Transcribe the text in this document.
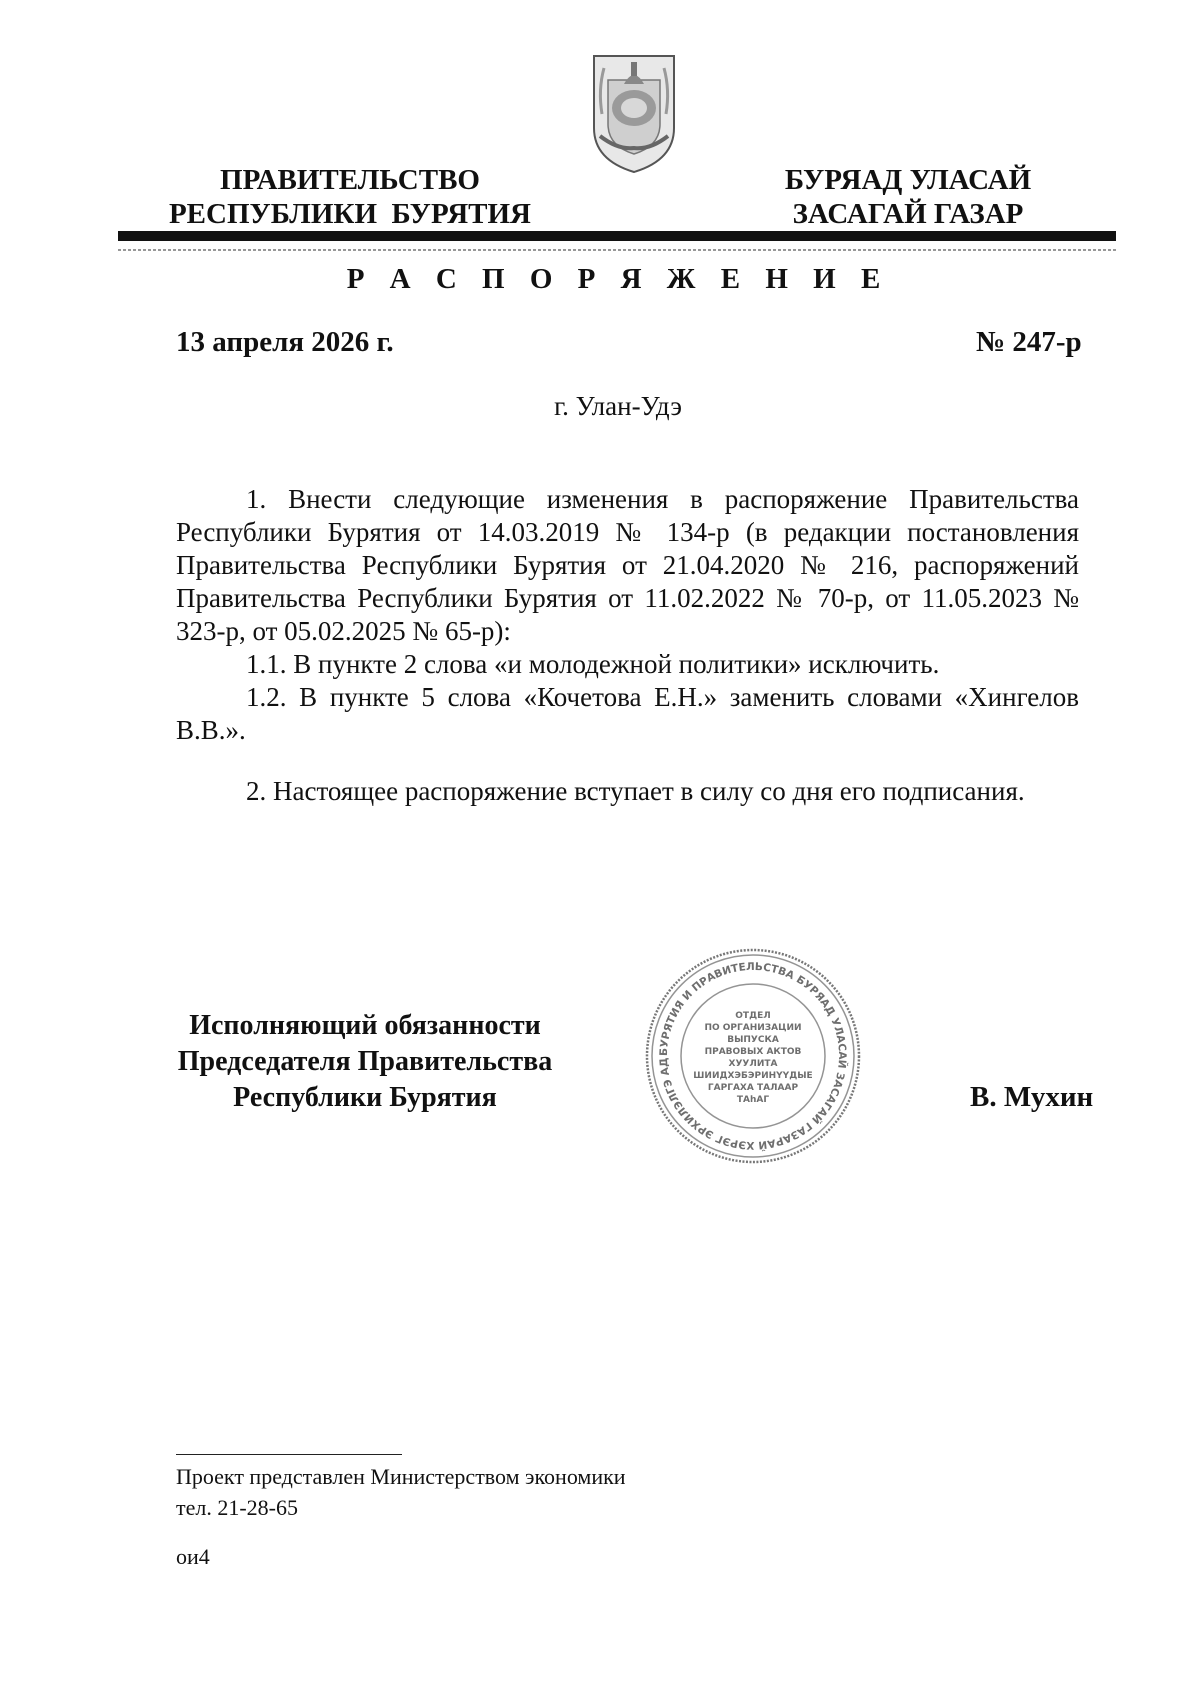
ПРАВИТЕЛЬСТВО
РЕСПУБЛИКИ  БУРЯТИЯ
БУРЯАД УЛАСАЙ
ЗАСАГАЙ ГАЗАР
Р А С П О Р Я Ж Е Н И Е
13 апреля 2026 г.	№ 247-р
г. Улан-Удэ

1. Внести следующие изменения в распоряжение Правительства Республики Бурятия от 14.03.2019 № 134-р (в редакции постановления Правительства Республики Бурятия от 21.04.2020 № 216, распоряжений Правительства Республики Бурятия от 11.02.2022 № 70-р, от 11.05.2023 № 323-р, от 05.02.2025 № 65-р):

1.1. В пункте 2 слова «и молодежной политики» исключить.

1.2. В пункте 5 слова «Кочетова Е.Н.» заменить словами «Хингелов В.В.».

2. Настоящее распоряжение вступает в силу со дня его подписания.

Исполняющий обязанности
Председателя Правительства
Республики Бурятия
БУРЯТИЯ И ПРАВИТЕЛЬСТВА БУРЯАД УЛАСАЙ ЗАСАГАЙ ГАЗАРАЙ ХЭРЭГ ЭРХИЛЭЛГЭ АД
ОТДЕЛ
ПО ОРГАНИЗАЦИИ
ВЫПУСКА
ПРАВОВЫХ АКТОВ
ХУУЛИТА
ШИИДХЭБЭРИНҮҮДЫЕ
ГАРГАХА ТАЛААР
ТАһАГ	В. Мухин
Проект представлен Министерством экономики
тел. 21-28-65
ои4
